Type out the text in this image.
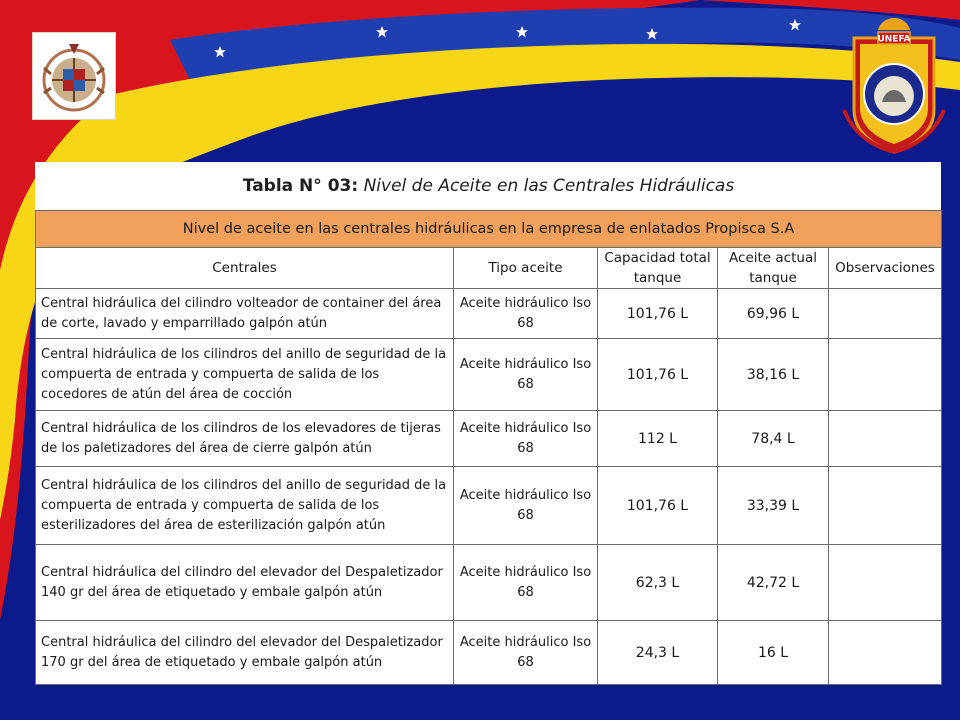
UNEFA
Tabla N° 03: Nivel de Aceite en las Centrales Hidráulicas				
Nivel de aceite en las centrales hidráulicas en la empresa de enlatados Propisca S.A				
Centrales	Tipo aceite	Capacidad total tanque	Aceite actual tanque	Observaciones
Central hidráulica del cilindro volteador de container del área de corte, lavado y emparrillado galpón atún	Aceite hidráulico Iso 68	101,76 L	69,96 L	
Central hidráulica de los cilindros del anillo de seguridad de la compuerta de entrada y compuerta de salida de los cocedores de atún del área de cocción	Aceite hidráulico Iso 68	101,76 L	38,16 L	
Central hidráulica de los cilindros de los elevadores de tijeras de los paletizadores del área de cierre galpón atún	Aceite hidráulico Iso 68	112 L	78,4 L	
Central hidráulica de los cilindros del anillo de seguridad de la compuerta de entrada y compuerta de salida de los esterilizadores del área de esterilización galpón atún	Aceite hidráulico Iso 68	101,76 L	33,39 L	
Central hidráulica del cilindro del elevador del Despaletizador 140 gr del área de etiquetado y embale galpón atún	Aceite hidráulico Iso 68	62,3 L	42,72 L	
Central hidráulica del cilindro del elevador del Despaletizador 170 gr del área de etiquetado y embale galpón atún	Aceite hidráulico Iso 68	24,3 L	16 L	
